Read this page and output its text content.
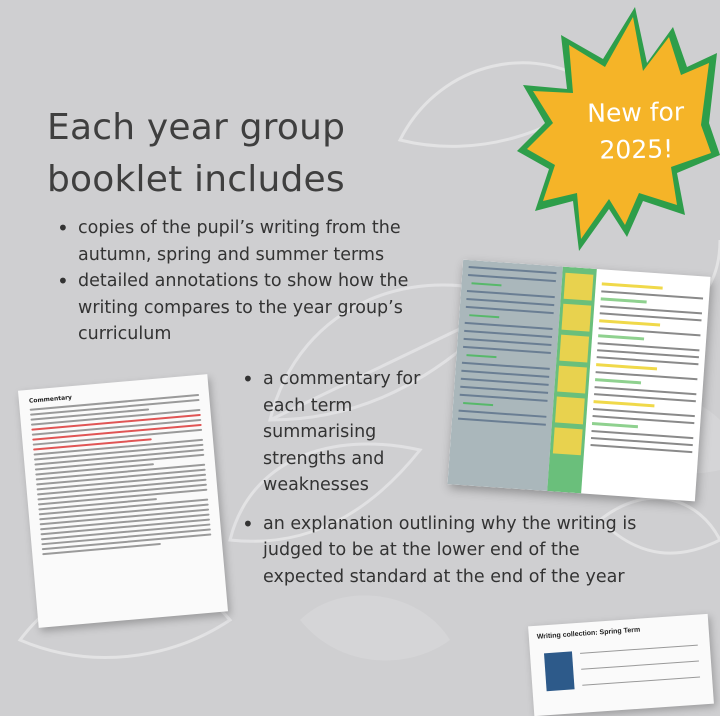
Each year group
booklet includes
• copies of the pupil’s writing from the autumn, spring and summer terms
• detailed annotations to show how the writing compares to the year group’s curriculum
Commentary
• a commentary for each term summarising strengths and weaknesses
• an explanation outlining why the writing is judged to be at the lower end of the expected standard at the end of the year
Writing collection: Spring Term
New for
2025!
